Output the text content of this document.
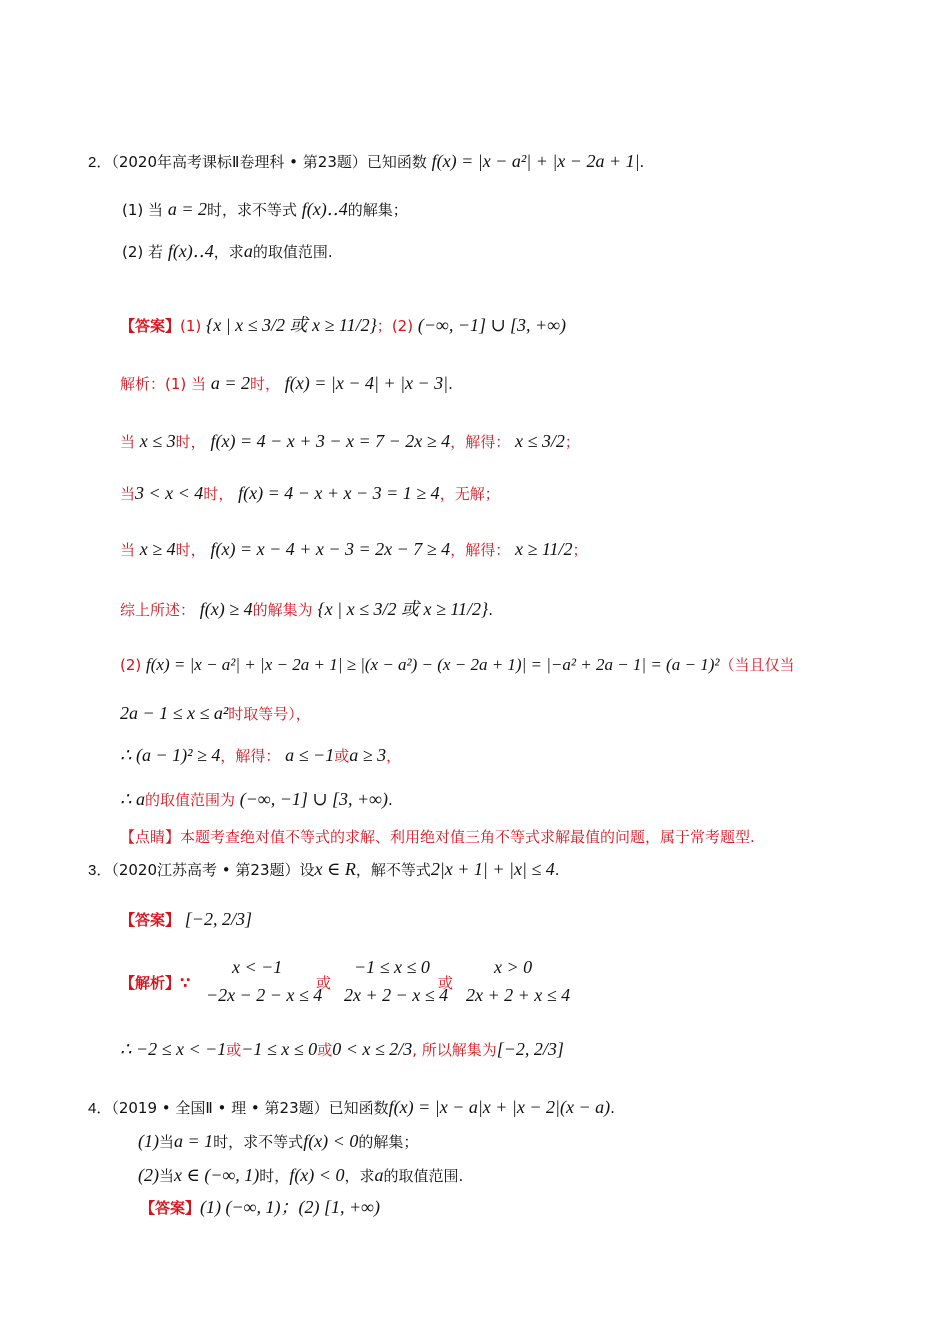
2．（2020年高考课标Ⅱ卷理科 • 第23题）已知函数 f(x) = |x − a²| + |x − 2a + 1|.
(1) 当 a = 2时，求不等式 f(x)‥4的解集；
(2) 若 f(x)‥4，求a的取值范围.
【答案】(1) {x | x ≤ 3/2 或 x ≥ 11/2}；(2) (−∞, −1] ∪ [3, +∞)
解析：(1) 当 a = 2时， f(x) = |x − 4| + |x − 3|.
当 x ≤ 3时， f(x) = 4 − x + 3 − x = 7 − 2x ≥ 4，解得： x ≤ 3/2；
当3 < x < 4时， f(x) = 4 − x + x − 3 = 1 ≥ 4，无解；
当 x ≥ 4时， f(x) = x − 4 + x − 3 = 2x − 7 ≥ 4，解得： x ≥ 11/2；
综上所述： f(x) ≥ 4的解集为 {x | x ≤ 3/2 或 x ≥ 11/2}.
(2) f(x) = |x − a²| + |x − 2a + 1| ≥ |(x − a²) − (x − 2a + 1)| = |−a² + 2a − 1| = (a − 1)²（当且仅当
2a − 1 ≤ x ≤ a²时取等号），
∴ (a − 1)² ≥ 4，解得： a ≤ −1或a ≥ 3，
∴ a的取值范围为 (−∞, −1] ∪ [3, +∞).
【点睛】本题考查绝对值不等式的求解、利用绝对值三角不等式求解最值的问题，属于常考题型.
3．（2020江苏高考 • 第23题）设x ∈ R，解不等式2|x + 1| + |x| ≤ 4.
【答案】 [−2, 2/3]
【解析】∵
x < −1
−2x − 2 − x ≤ 4
或
−1 ≤ x ≤ 0
2x + 2 − x ≤ 4
或
x > 0
2x + 2 + x ≤ 4
∴ −2 ≤ x < −1或−1 ≤ x ≤ 0或0 < x ≤ 2/3, 所以解集为[−2, 2/3]
4．（2019 • 全国Ⅱ • 理 • 第23题）已知函数f(x) = |x − a|x + |x − 2|(x − a).
(1)当a = 1时，求不等式f(x) < 0的解集；
(2)当x ∈ (−∞, 1)时，f(x) < 0，求a的取值范围.
【答案】(1) (−∞, 1)；(2) [1, +∞)
